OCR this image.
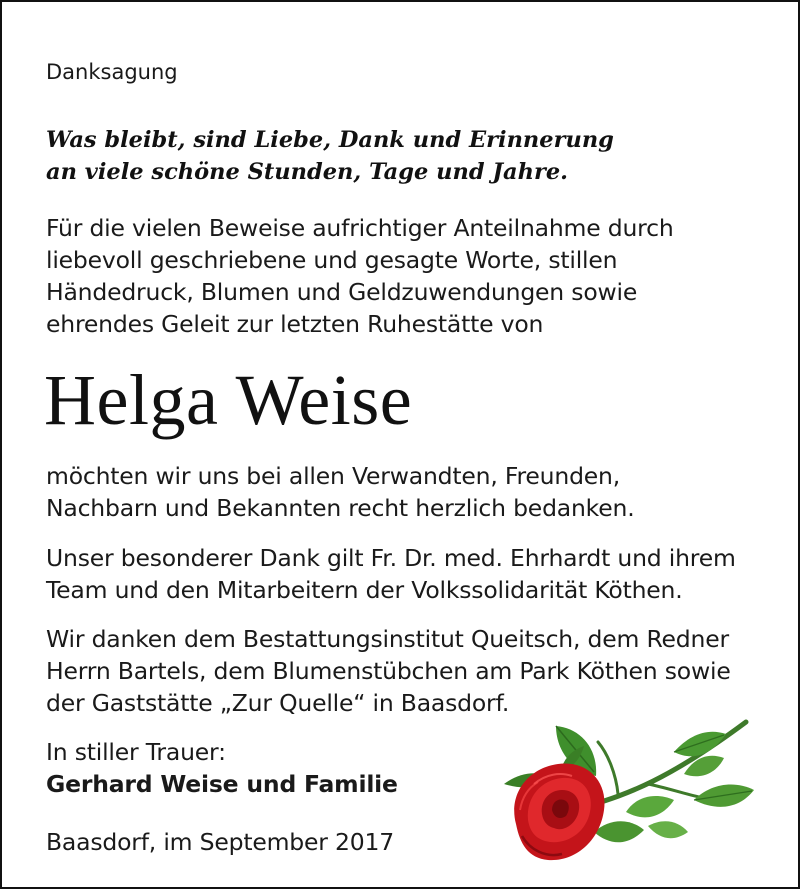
Danksagung
Was bleibt, sind Liebe, Dank und Erinnerung
an viele schöne Stunden, Tage und Jahre.
Für die vielen Beweise aufrichtiger Anteilnahme durch
liebevoll geschriebene und gesagte Worte, stillen
Händedruck, Blumen und Geldzuwendungen sowie
ehrendes Geleit zur letzten Ruhestätte von
Helga Weise
möchten wir uns bei allen Verwandten, Freunden,
Nachbarn und Bekannten recht herzlich bedanken.
Unser besonderer Dank gilt Fr. Dr. med. Ehrhardt und ihrem
Team und den Mitarbeitern der Volkssolidarität Köthen.
Wir danken dem Bestattungsinstitut Queitsch, dem Redner
Herrn Bartels, dem Blumenstübchen am Park Köthen sowie
der Gaststätte „Zur Quelle“ in Baasdorf.
In stiller Trauer:
Gerhard Weise und Familie
Baasdorf, im September 2017
